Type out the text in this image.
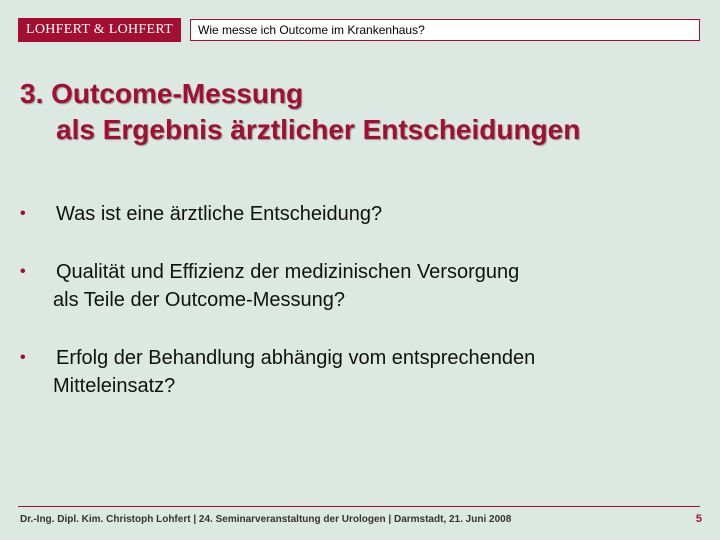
LOHFERT & LOHFERT	Wie messe ich Outcome im Krankenhaus?
3. Outcome-Messung
als Ergebnis ärztlicher Entscheidungen
•	Was ist eine ärztliche Entscheidung?
•	Qualität und Effizienz der medizinischen Versorgung
als Teile der Outcome-Messung?
•	Erfolg der Behandlung abhängig vom entsprechenden
Mitteleinsatz?
Dr.-Ing. Dipl. Kim. Christoph Lohfert | 24. Seminarveranstaltung der Urologen | Darmstadt, 21. Juni 2008	5
